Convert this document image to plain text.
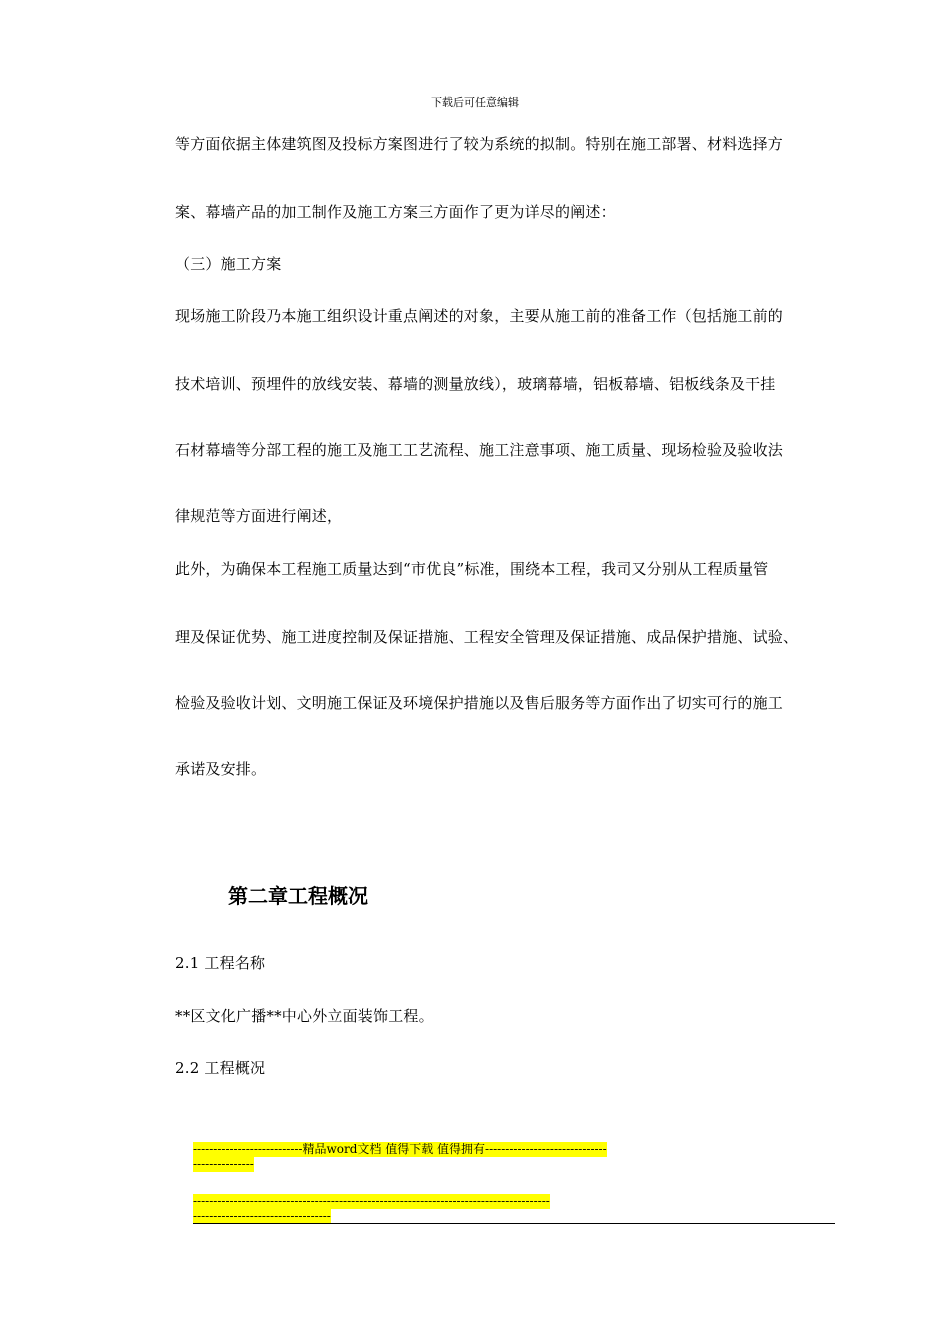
下载后可任意编辑
等方面依据主体建筑图及投标方案图进行了较为系统的拟制。特别在施工部署、材料选择方
案、幕墙产品的加工制作及施工方案三方面作了更为详尽的阐述：
（三）施工方案
现场施工阶段乃本施工组织设计重点阐述的对象，主要从施工前的准备工作（包括施工前的
技术培训、预埋件的放线安装、幕墙的测量放线），玻璃幕墙，铝板幕墙、铝板线条及干挂
石材幕墙等分部工程的施工及施工工艺流程、施工注意事项、施工质量、现场检验及验收法
律规范等方面进行阐述，
此外，为确保本工程施工质量达到“市优良”标准，围绕本工程，我司又分别从工程质量管
理及保证优势、施工进度控制及保证措施、工程安全管理及保证措施、成品保护措施、试验、
检验及验收计划、文明施工保证及环境保护措施以及售后服务等方面作出了切实可行的施工
承诺及安排。
第二章工程概况
2.1 工程名称
**区文化广播**中心外立面装饰工程。
2.2 工程概况
---------------------------精品word文档 值得下载 值得拥有------------------------------
---------------

----------------------------------------------------------------------------------------
----------------------------------
